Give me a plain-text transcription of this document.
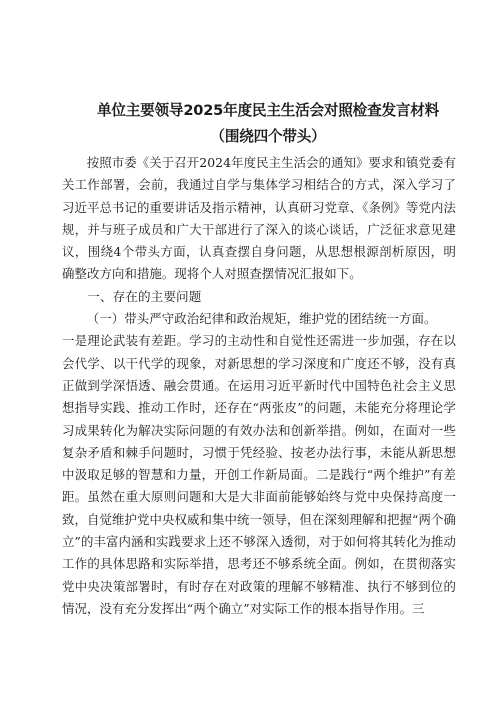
单位主要领导2025年度民主生活会对照检查发言材料（围绕四个带头）

按照市委《关于召开2024年度民主生活会的通知》要求和镇党委有关工作部署，会前，我通过自学与集体学习相结合的方式，深入学习了习近平总书记的重要讲话及指示精神，认真研习党章、《条例》等党内法规，并与班子成员和广大干部进行了深入的谈心谈话，广泛征求意见建议，围绕4个带头方面，认真查摆自身问题，从思想根源剖析原因，明确整改方向和措施。现将个人对照查摆情况汇报如下。

一、存在的主要问题

（一）带头严守政治纪律和政治规矩，维护党的团结统一方面。

一是理论武装有差距。学习的主动性和自觉性还需进一步加强，存在以会代学、以干代学的现象，对新思想的学习深度和广度还不够，没有真正做到学深悟透、融会贯通。在运用习近平新时代中国特色社会主义思想指导实践、推动工作时，还存在“两张皮”的问题，未能充分将理论学习成果转化为解决实际问题的有效办法和创新举措。例如，在面对一些复杂矛盾和棘手问题时，习惯于凭经验、按老办法行事，未能从新思想中汲取足够的智慧和力量，开创工作新局面。二是践行“两个维护”有差距。虽然在重大原则问题和大是大非面前能够始终与党中央保持高度一致，自觉维护党中央权威和集中统一领导，但在深刻理解和把握“两个确立”的丰富内涵和实践要求上还不够深入透彻，对于如何将其转化为推动工作的具体思路和实际举措，思考还不够系统全面。例如，在贯彻落实党中央决策部署时，有时存在对政策的理解不够精准、执行不够到位的情况，没有充分发挥出“两个确立”对实际工作的根本指导作用。三
